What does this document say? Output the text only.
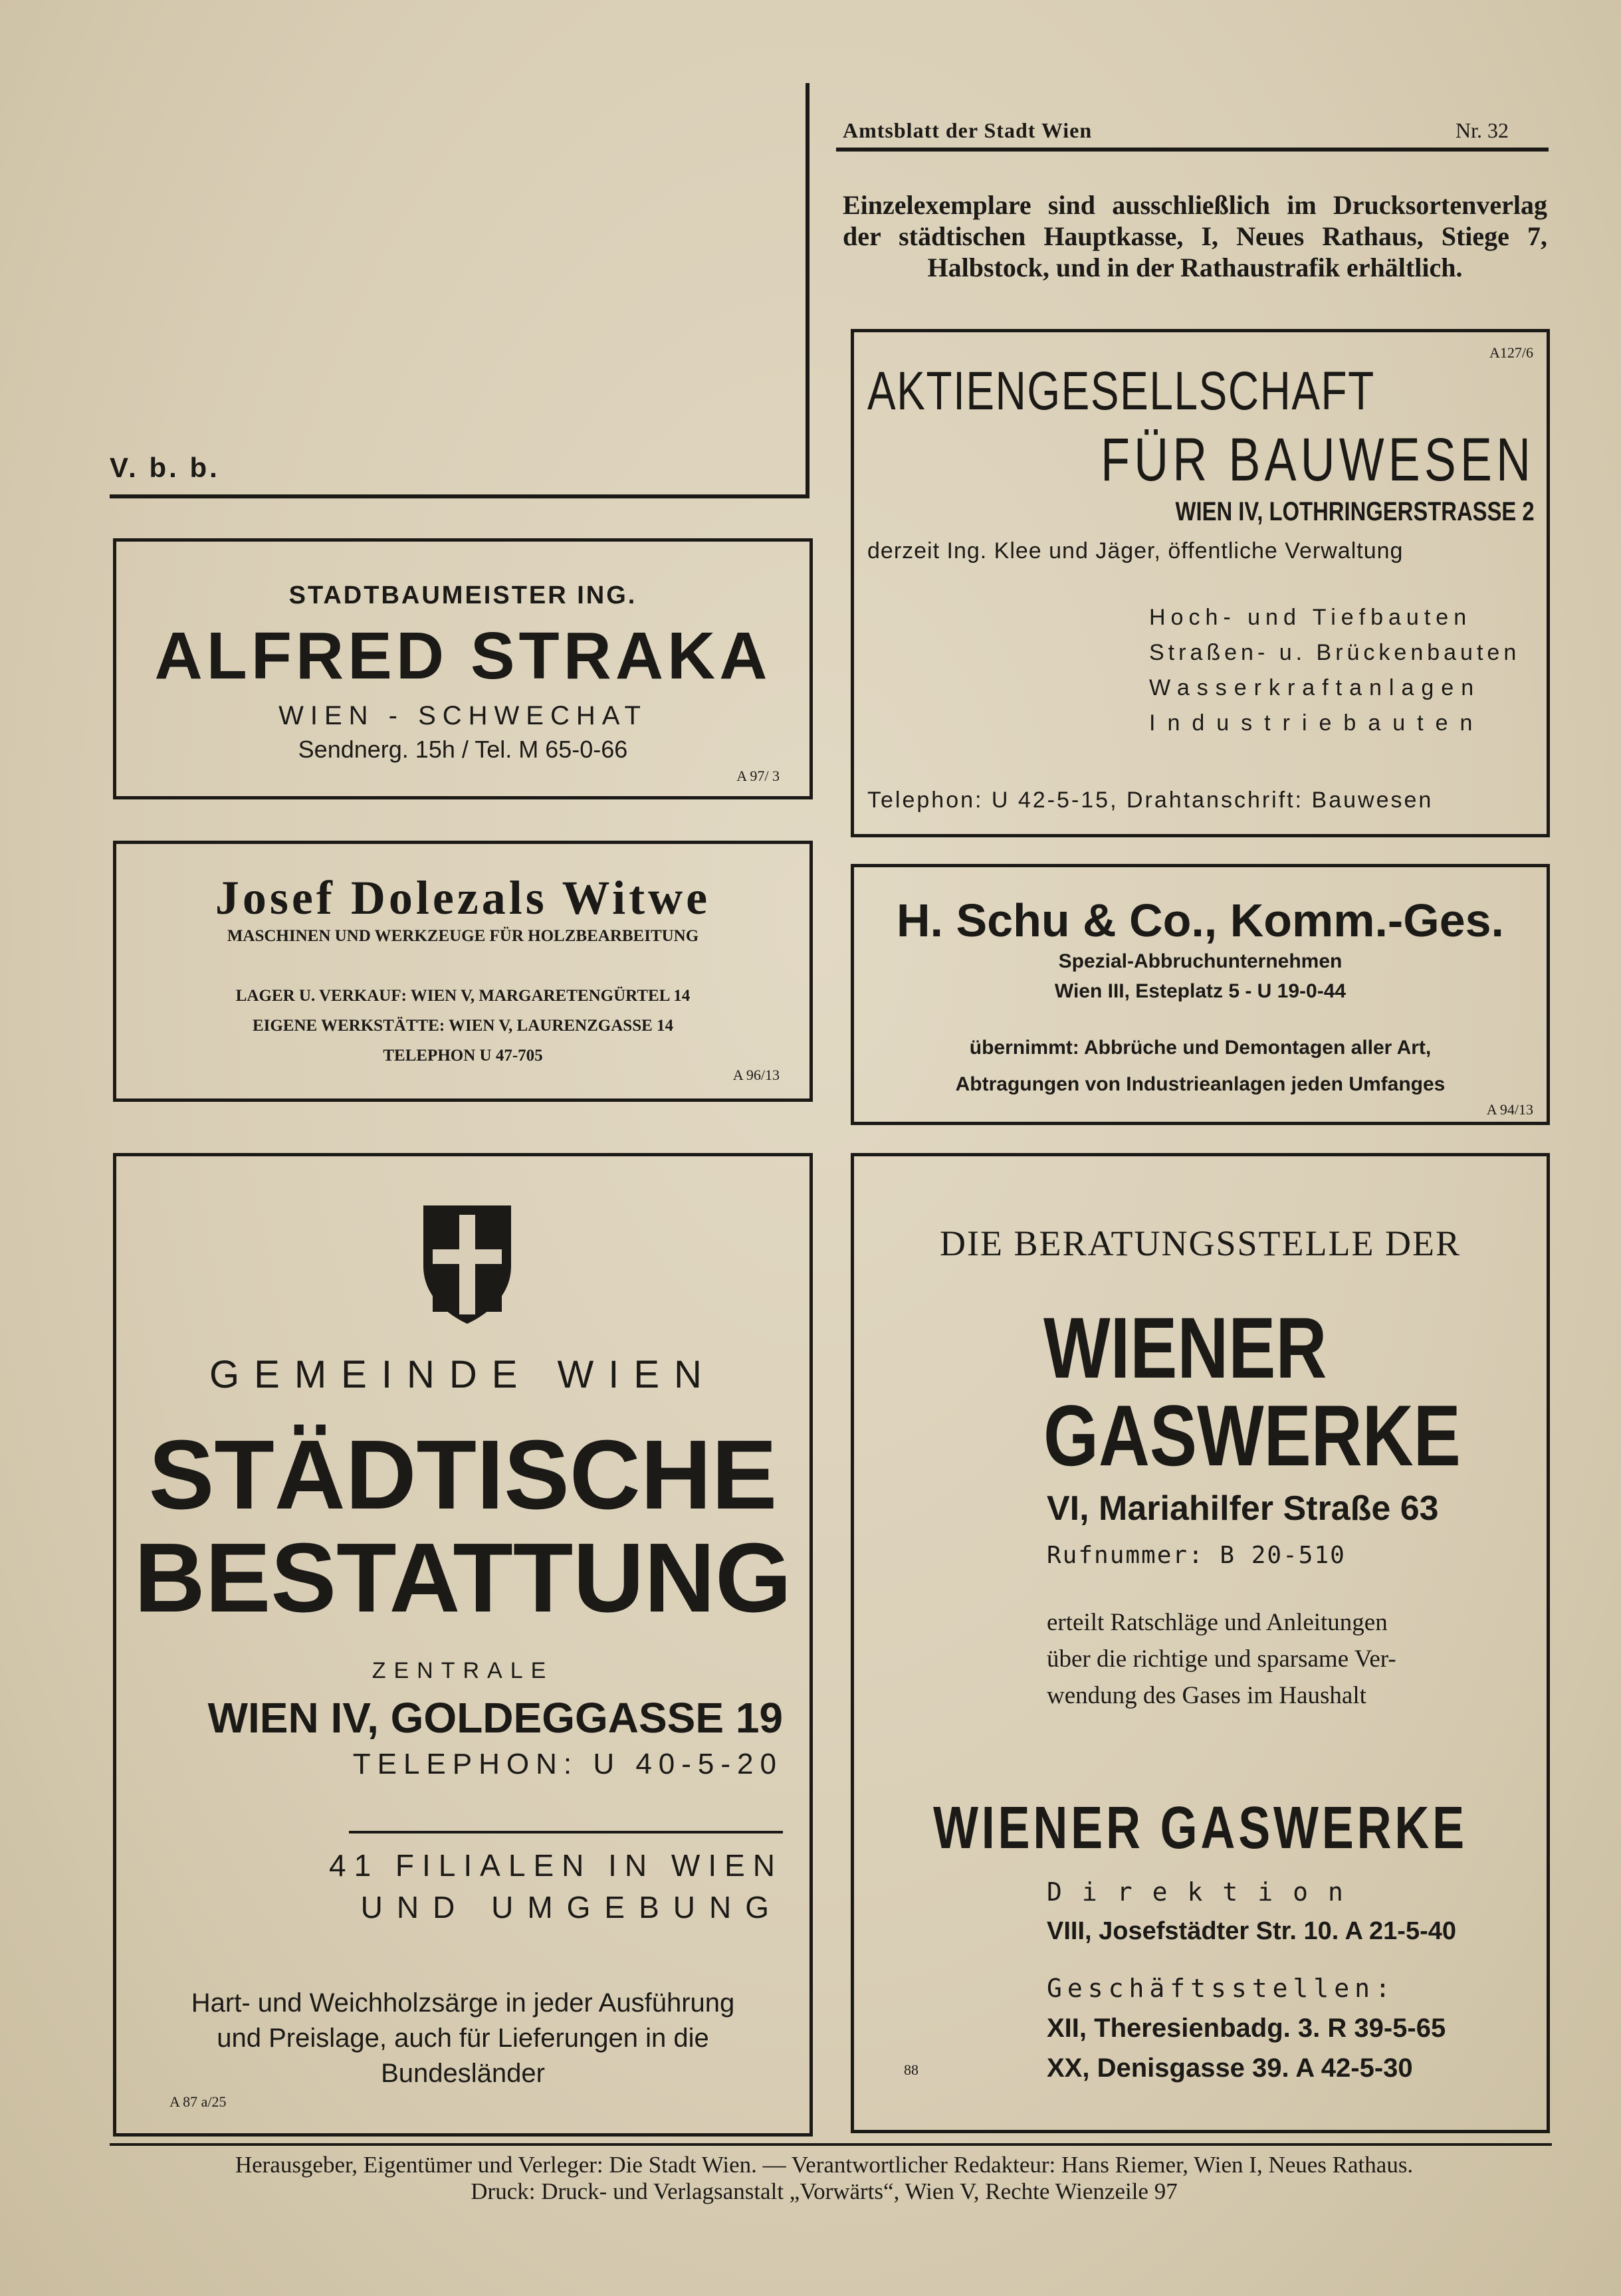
V. b. b.
Amtsblatt der Stadt Wien	Nr. 32
Einzelexemplare sind ausschließlich im Drucksortenverlag der städtischen Hauptkasse, I, Neues Rathaus, Stiege 7, Halbstock, und in der Rathaustrafik erhältlich.
STADTBAUMEISTER ING.
ALFRED STRAKA
WIEN - SCHWECHAT
Sendnerg. 15h / Tel. M 65-0-66
A 97/ 3
Josef Dolezals Witwe
MASCHINEN UND WERKZEUGE FÜR HOLZBEARBEITUNG
LAGER U. VERKAUF: WIEN V, MARGARETENGÜRTEL 14
EIGENE WERKSTÄTTE: WIEN V, LAURENZGASSE 14
TELEPHON U 47-705
A 96/13
GEMEINDE WIEN
STÄDTISCHE
BESTATTUNG
ZENTRALE
WIEN IV, GOLDEGGASSE 19
TELEPHON: U 40-5-20
41 FILIALEN IN WIEN
UND UMGEBUNG
Hart- und Weichholzsärge in jeder Ausführung
und Preislage, auch für Lieferungen in die
Bundesländer
A 87 a/25
A127/6
AKTIENGESELLSCHAFT
FÜR BAUWESEN
WIEN IV, LOTHRINGERSTRASSE 2
derzeit Ing. Klee und Jäger, öffentliche Verwaltung
Hoch- und Tiefbauten
Straßen- u. Brückenbauten
Wasserkraftanlagen
Industriebauten
Telephon: U 42-5-15, Drahtanschrift: Bauwesen
H. Schu & Co., Komm.-Ges.
Spezial-Abbruchunternehmen
Wien III, Esteplatz 5 - U 19-0-44
übernimmt: Abbrüche und Demontagen aller Art,
Abtragungen von Industrieanlagen jeden Umfanges
A 94/13
DIE BERATUNGSSTELLE DER
WIENER
GASWERKE
VI, Mariahilfer Straße 63
Rufnummer: B 20-510
erteilt Ratschläge und Anleitungen
über die richtige und sparsame Ver-
wendung des Gases im Haushalt
WIENER GASWERKE
Direktion
VIII, Josefstädter Str. 10. A 21-5-40
Geschäftsstellen:
XII, Theresienbadg. 3. R 39-5-65
XX, Denisgasse 39. A 42-5-30
88
Herausgeber, Eigentümer und Verleger: Die Stadt Wien. — Verantwortlicher Redakteur: Hans Riemer, Wien I, Neues Rathaus.
Druck: Druck- und Verlagsanstalt „Vorwärts“, Wien V, Rechte Wienzeile 97
